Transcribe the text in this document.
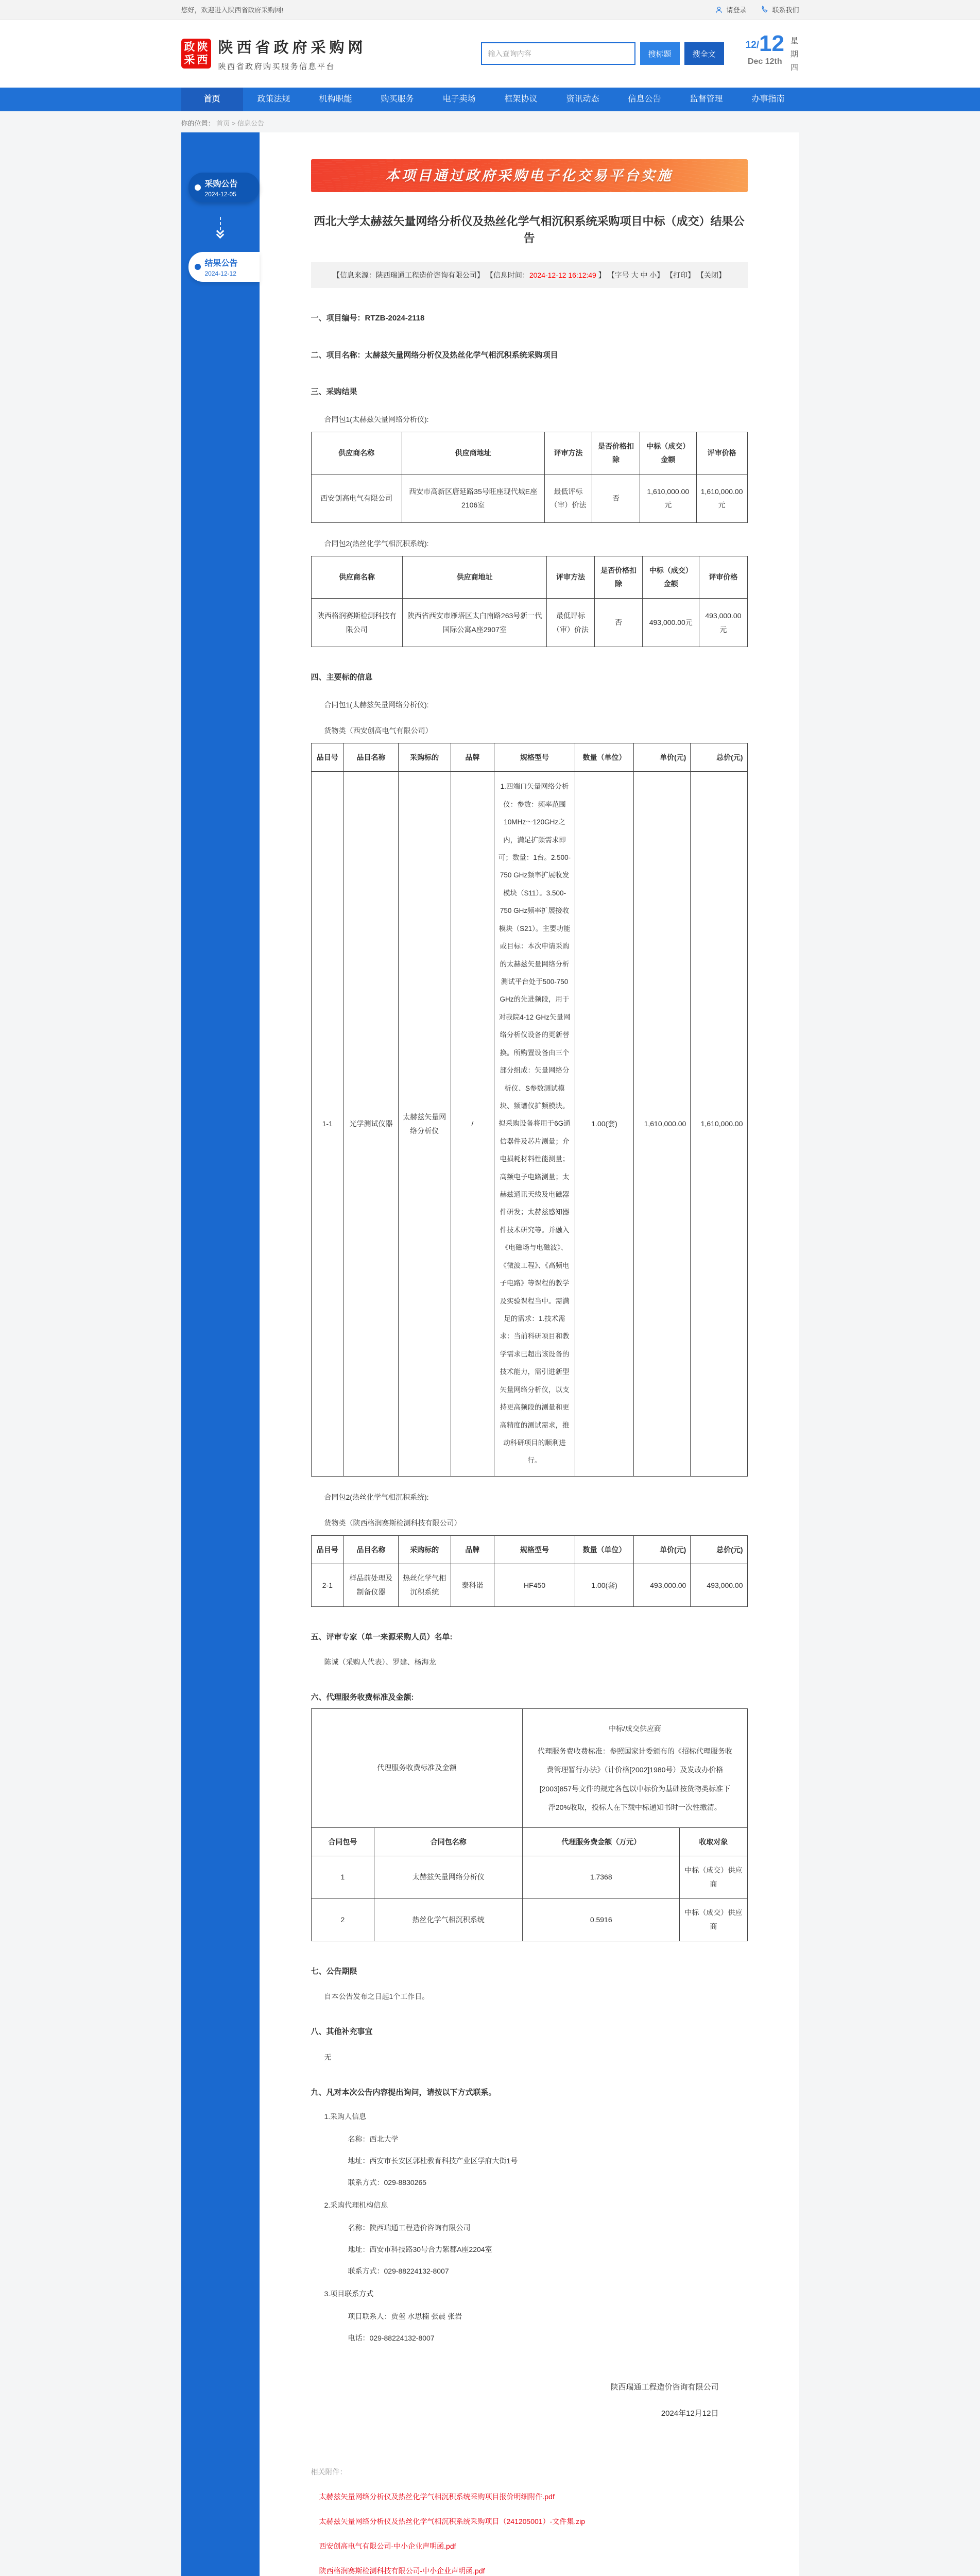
您好，欢迎进入陕西省政府采购网!	请登录	联系我们
政 陕
采 西
陕西省政府采购网
陕西省政府购买服务信息平台
输入查询内容
搜标题	搜全文
12/ 12
Dec 12th
星期四
首页	政策法规	机构职能	购买服务	电子卖场	框架协议	资讯动态	信息公告	监督管理	办事指南
你的位置： 首页 > 信息公告
采购公告
2024-12-05
结果公告
2024-12-12
本项目通过政府采购电子化交易平台实施
西北大学太赫兹矢量网络分析仪及热丝化学气相沉积系统采购项目中标（成交）结果公告
【信息来源：陕西瑞通工程造价咨询有限公司】 【信息时间：2024-12-12 16:12:49 】 【字号 大 中 小】 【打印】 【关闭】

一、项目编号：RTZB-2024-2118

二、项目名称：太赫兹矢量网络分析仪及热丝化学气相沉积系统采购项目

三、采购结果

合同包1(太赫兹矢量网络分析仪):

供应商名称	供应商地址	评审方法	是否价格扣除	中标（成交）金额	评审价格
西安创高电气有限公司	西安市高新区唐延路35号旺座现代城E座2106室	最低评标（审）价法	否	1,610,000.00元	1,610,000.00元

合同包2(热丝化学气相沉积系统):

供应商名称	供应商地址	评审方法	是否价格扣除	中标（成交）金额	评审价格
陕西格润赛斯检测科技有限公司	陕西省西安市雁塔区太白南路263号新一代国际公寓A座2907室	最低评标（审）价法	否	493,000.00元	493,000.00元

四、主要标的信息

合同包1(太赫兹矢量网络分析仪):

货物类（西安创高电气有限公司）

品目号	品目名称	采购标的	品牌	规格型号	数量（单位）	单价(元)	总价(元)
1-1	光学测试仪器	太赫兹矢量网络分析仪	/	1.四端口矢量网络分析仪：参数：频率范围10MHz～120GHz之内，满足扩频需求即可；数量：1台。2.500-750 GHz频率扩展收发模块（S11）。3.500-750 GHz频率扩展接收模块（S21）。主要功能或目标：本次申请采购的太赫兹矢量网络分析测试平台处于500-750 GHz的先进频段，用于对我院4-12 GHz矢量网络分析仪设备的更新替换。所购置设备由三个部分组成：矢量网络分析仪、S参数测试模块、频谱仪扩频模块。拟采购设备将用于6G通信器件及芯片测量；介电损耗材料性能测量；高频电子电路测量；太赫兹通讯天线及电磁器件研发；太赫兹感知器件技术研究等。并融入《电磁场与电磁波》、《微波工程》、《高频电子电路》等课程的教学及实验课程当中。需满足的需求：1.技术需求：当前科研项目和教学需求已超出该设备的技术能力，需引进新型矢量网络分析仪，以支持更高频段的测量和更高精度的测试需求，推动科研项目的顺利进行。	1.00(套)	1,610,000.00	1,610,000.00

合同包2(热丝化学气相沉积系统):

货物类（陕西格润赛斯检测科技有限公司）

品目号	品目名称	采购标的	品牌	规格型号	数量（单位）	单价(元)	总价(元)
2-1	样品前处理及制备仪器	热丝化学气相沉积系统	泰科诺	HF450	1.00(套)	493,000.00	493,000.00

五、评审专家（单一来源采购人员）名单:

陈诚（采购人代表）、罗建、杨海龙

六、代理服务收费标准及金额:

代理服务收费标准及金额		中标/成交供应商
代理服务费收费标准：参照国家计委颁布的《招标代理服务收费管理暂行办法》（计价格[2002]1980号）及发改办价格[2003]857号文件的规定各包以中标价为基础按货物类标准下浮20%收取，投标人在下载中标通知书时一次性缴清。	
合同包号	合同包名称	代理服务费金额（万元）	收取对象
1	太赫兹矢量网络分析仪	1.7368	中标（成交）供应商
2	热丝化学气相沉积系统	0.5916	中标（成交）供应商

七、公告期限

自本公告发布之日起1个工作日。

八、其他补充事宜

无

九、凡对本次公告内容提出询问，请按以下方式联系。

1.采购人信息

名称：西北大学

地址：西安市长安区郭杜教育科技产业区学府大街1号

联系方式：029-8830265

2.采购代理机构信息

名称：陕西瑞通工程造价咨询有限公司

地址：西安市科技路30号合力紫郡A座2204室

联系方式：029-88224132-8007

3.项目联系方式

项目联系人：贾堃 水思楠 张晨 张岩

电话：029-88224132-8007

陕西瑞通工程造价咨询有限公司
2024年12月12日
相关附件：
太赫兹矢量网络分析仪及热丝化学气相沉积系统采购项目报价明细附件.pdf
太赫兹矢量网络分析仪及热丝化学气相沉积系统采购项目（241205001）-文件集.zip
西安创高电气有限公司-中小企业声明函.pdf
陕西格润赛斯检测科技有限公司-中小企业声明函.pdf
